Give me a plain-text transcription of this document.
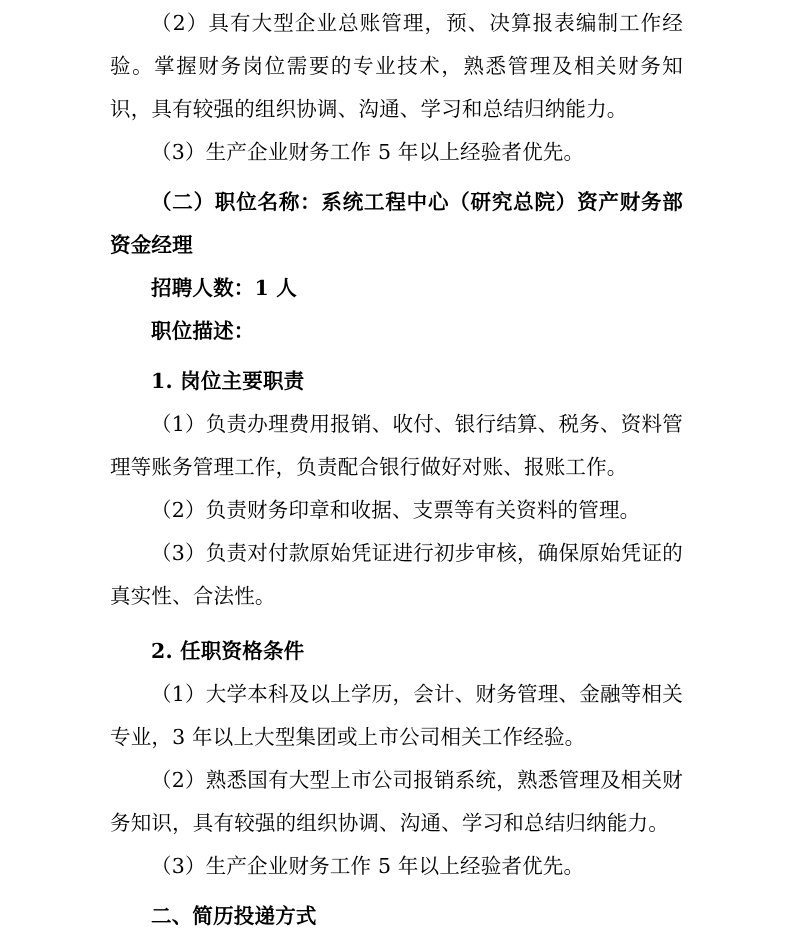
（2）具有大型企业总账管理，预、决算报表编制工作经验。掌握财务岗位需要的专业技术，熟悉管理及相关财务知识，具有较强的组织协调、沟通、学习和总结归纳能力。

（3）生产企业财务工作 5 年以上经验者优先。

（二）职位名称：系统工程中心（研究总院）资产财务部资金经理

招聘人数：1 人

职位描述：

1. 岗位主要职责

（1）负责办理费用报销、收付、银行结算、税务、资料管理等账务管理工作，负责配合银行做好对账、报账工作。

（2）负责财务印章和收据、支票等有关资料的管理。

（3）负责对付款原始凭证进行初步审核，确保原始凭证的真实性、合法性。

2. 任职资格条件

（1）大学本科及以上学历，会计、财务管理、金融等相关专业，3 年以上大型集团或上市公司相关工作经验。

（2）熟悉国有大型上市公司报销系统，熟悉管理及相关财务知识，具有较强的组织协调、沟通、学习和总结归纳能力。

（3）生产企业财务工作 5 年以上经验者优先。

二、简历投递方式
